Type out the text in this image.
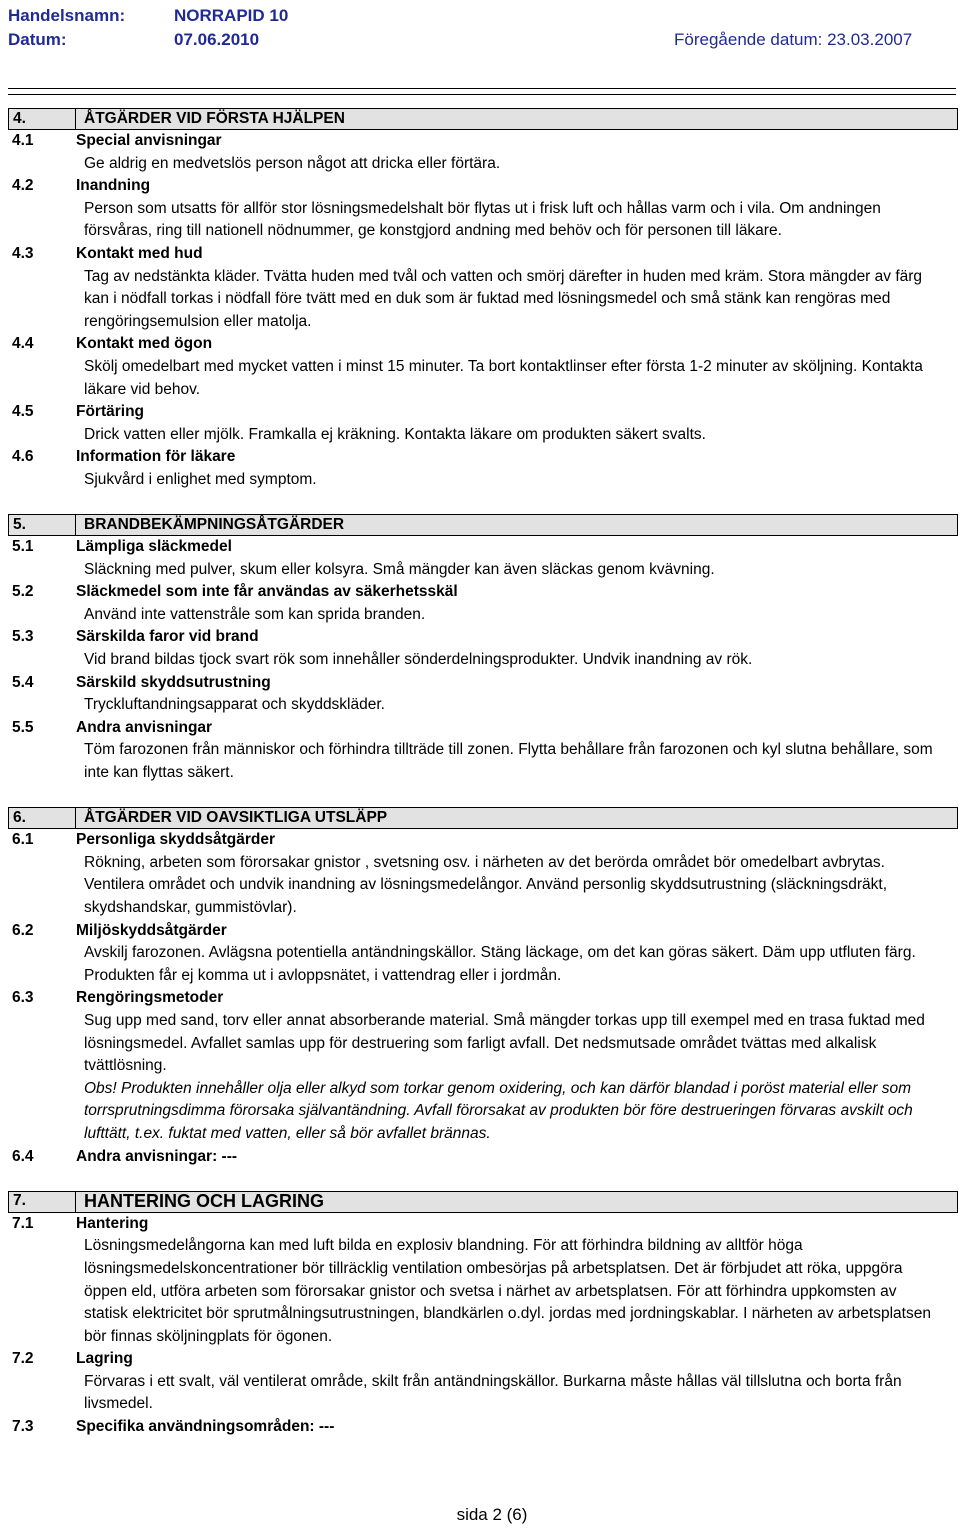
Handelsnamn:	NORRAPID 10
Datum:	07.06.2010	Föregående datum: 23.03.2007
4.	ÅTGÄRDER VID FÖRSTA HJÄLPEN
4.1	Special anvisningar
Ge aldrig en medvetslös person något att dricka eller förtära.
4.2	Inandning
Person som utsatts för allför stor lösningsmedelshalt bör flytas ut i frisk luft och hållas varm och i vila. Om andningen försvåras, ring till nationell nödnummer, ge konstgjord andning med behöv och för personen till läkare.
4.3	Kontakt med hud
Tag av nedstänkta kläder. Tvätta huden med tvål och vatten och smörj därefter in huden med kräm. Stora mängder av färg kan i nödfall torkas i nödfall före tvätt med en duk som är fuktad med lösningsmedel och små stänk kan rengöras med rengöringsemulsion eller matolja.
4.4	Kontakt med ögon
Skölj omedelbart med mycket vatten i minst 15 minuter. Ta bort kontaktlinser efter första 1-2 minuter av sköljning. Kontakta läkare vid behov.
4.5	Förtäring
Drick vatten eller mjölk. Framkalla ej kräkning. Kontakta läkare om produkten säkert svalts.
4.6	Information för läkare
Sjukvård i enlighet med symptom.
5.	BRANDBEKÄMPNINGSÅTGÄRDER
5.1	Lämpliga släckmedel
Släckning med pulver, skum eller kolsyra. Små mängder kan även släckas genom kvävning.
5.2	Släckmedel som inte får användas av säkerhetsskäl
Använd inte vattenstråle som kan sprida branden.
5.3	Särskilda faror vid brand
Vid brand bildas tjock svart rök som innehåller sönderdelningsprodukter. Undvik inandning av rök.
5.4	Särskild skyddsutrustning
Tryckluftandningsapparat och skyddskläder.
5.5	Andra anvisningar
Töm farozonen från människor och förhindra tillträde till zonen. Flytta behållare från farozonen och kyl slutna behållare, som inte kan flyttas säkert.
6.	ÅTGÄRDER VID OAVSIKTLIGA UTSLÄPP
6.1	Personliga skyddsåtgärder
Rökning, arbeten som förorsakar gnistor , svetsning osv. i närheten av det berörda området bör omedelbart avbrytas. Ventilera området och undvik inandning av lösningsmedelångor. Använd personlig skyddsutrustning (släckningsdräkt, skydshandskar, gummistövlar).
6.2	Miljöskyddsåtgärder
Avskilj farozonen. Avlägsna potentiella antändningskällor. Stäng läckage, om det kan göras säkert. Däm upp utfluten färg. Produkten får ej komma ut i avloppsnätet, i vattendrag eller i jordmån.
6.3	Rengöringsmetoder
Sug upp med sand, torv eller annat absorberande material. Små mängder torkas upp till exempel med en trasa fuktad med lösningsmedel. Avfallet samlas upp för destruering som farligt avfall. Det nedsmutsade området tvättas med alkalisk tvättlösning.
Obs! Produkten innehåller olja eller alkyd som torkar genom oxidering, och kan därför blandad i poröst material eller som torrsprutningsdimma förorsaka självantändning. Avfall förorsakat av produkten bör före destrueringen förvaras avskilt och lufttätt, t.ex. fuktat med vatten, eller så bör avfallet brännas.
6.4	Andra anvisningar: ---
7.	HANTERING OCH LAGRING
7.1	Hantering
Lösningsmedelångorna kan med luft bilda en explosiv blandning. För att förhindra bildning av alltför höga lösningsmedelskoncentrationer bör tillräcklig ventilation ombesörjas på arbetsplatsen. Det är förbjudet att röka, uppgöra öppen eld, utföra arbeten som förorsakar gnistor och svetsa i närhet av arbetsplatsen. För att förhindra uppkomsten av statisk elektricitet bör sprutmålningsutrustningen, blandkärlen o.dyl. jordas med jordningskablar. I närheten av arbetsplatsen bör finnas sköljningplats för ögonen.
7.2	Lagring
Förvaras i ett svalt, väl ventilerat område, skilt från antändningskällor. Burkarna måste hållas väl tillslutna och borta från livsmedel.
7.3	Specifika användningsområden: ---
sida 2 (6)
